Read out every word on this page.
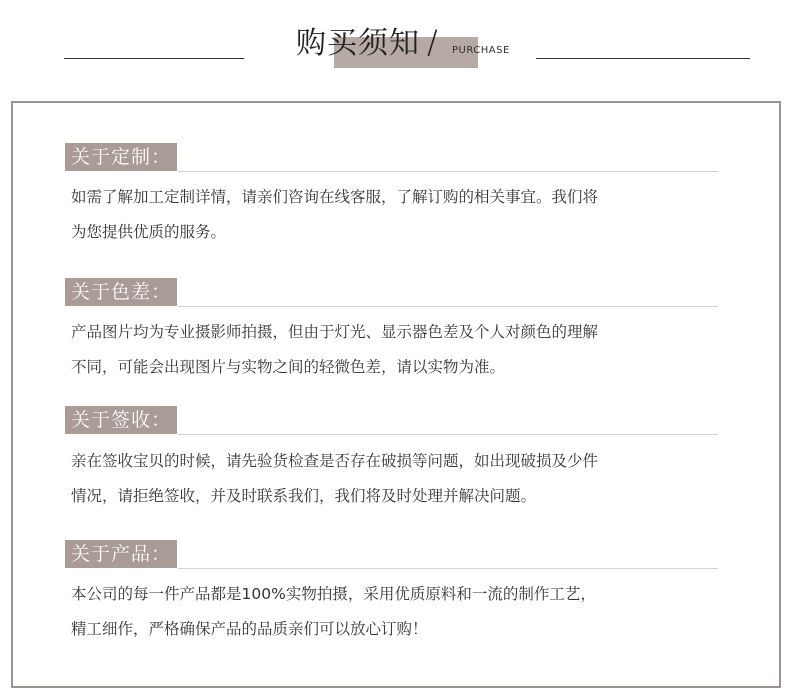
购买须知 / PURCHASE
关于定制：
如需了解加工定制详情，请亲们咨询在线客服，了解订购的相关事宜。我们将
为您提供优质的服务。
关于色差：
产品图片均为专业摄影师拍摄，但由于灯光、显示器色差及个人对颜色的理解
不同，可能会出现图片与实物之间的轻微色差，请以实物为准。
关于签收：
亲在签收宝贝的时候，请先验货检查是否存在破损等问题，如出现破损及少件
情况，请拒绝签收，并及时联系我们，我们将及时处理并解决问题。
关于产品：
本公司的每一件产品都是100%实物拍摄，采用优质原料和一流的制作工艺，
精工细作，严格确保产品的品质亲们可以放心订购！
